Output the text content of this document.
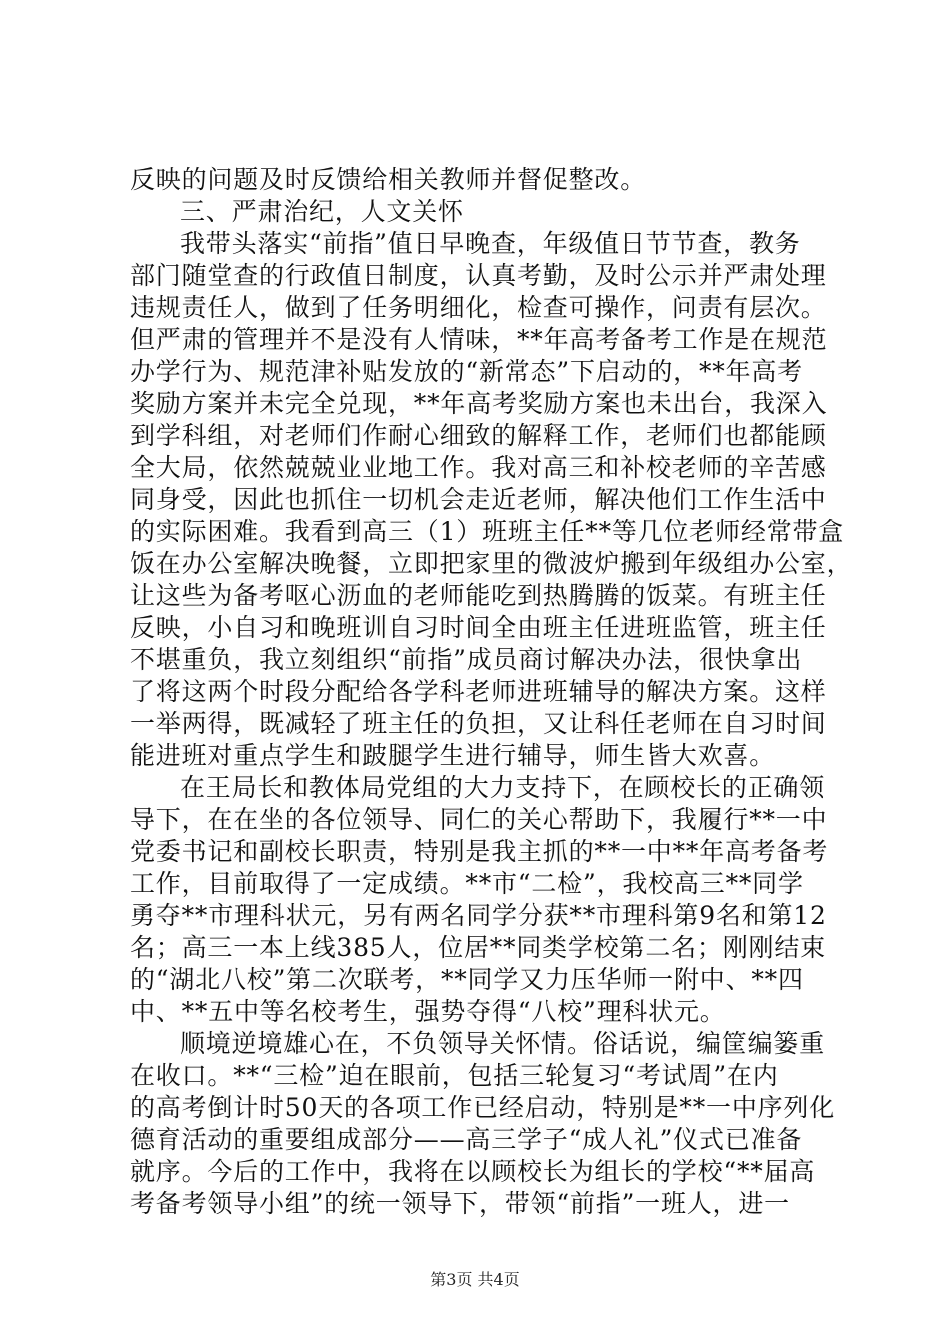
反映的问题及时反馈给相关教师并督促整改。
三、严肃治纪，人文关怀
我带头落实“前指”值日早晚查，年级值日节节查，教务
部门随堂查的行政值日制度，认真考勤，及时公示并严肃处理
违规责任人，做到了任务明细化，检查可操作，问责有层次。
但严肃的管理并不是没有人情味，**年高考备考工作是在规范
办学行为、规范津补贴发放的“新常态”下启动的，**年高考
奖励方案并未完全兑现，**年高考奖励方案也未出台，我深入
到学科组，对老师们作耐心细致的解释工作，老师们也都能顾
全大局，依然兢兢业业地工作。我对高三和补校老师的辛苦感
同身受，因此也抓住一切机会走近老师，解决他们工作生活中
的实际困难。我看到高三（1）班班主任**等几位老师经常带盒
饭在办公室解决晚餐，立即把家里的微波炉搬到年级组办公室，
让这些为备考呕心沥血的老师能吃到热腾腾的饭菜。有班主任
反映，小自习和晚班训自习时间全由班主任进班监管，班主任
不堪重负，我立刻组织“前指”成员商讨解决办法，很快拿出
了将这两个时段分配给各学科老师进班辅导的解决方案。这样
一举两得，既减轻了班主任的负担，又让科任老师在自习时间
能进班对重点学生和跛腿学生进行辅导，师生皆大欢喜。
在王局长和教体局党组的大力支持下，在顾校长的正确领
导下，在在坐的各位领导、同仁的关心帮助下，我履行**一中
党委书记和副校长职责，特别是我主抓的**一中**年高考备考
工作，目前取得了一定成绩。**市“二检”，我校高三**同学
勇夺**市理科状元，另有两名同学分获**市理科第9名和第12
名；高三一本上线385人，位居**同类学校第二名；刚刚结束
的“湖北八校”第二次联考，**同学又力压华师一附中、**四
中、**五中等名校考生，强势夺得“八校”理科状元。
顺境逆境雄心在，不负领导关怀情。俗话说，编筐编篓重
在收口。**“三检”迫在眼前，包括三轮复习“考试周”在内
的高考倒计时50天的各项工作已经启动，特别是**一中序列化
德育活动的重要组成部分——高三学子“成人礼”仪式已准备
就序。今后的工作中，我将在以顾校长为组长的学校“**届高
考备考领导小组”的统一领导下，带领“前指”一班人，进一
第3页 共4页
